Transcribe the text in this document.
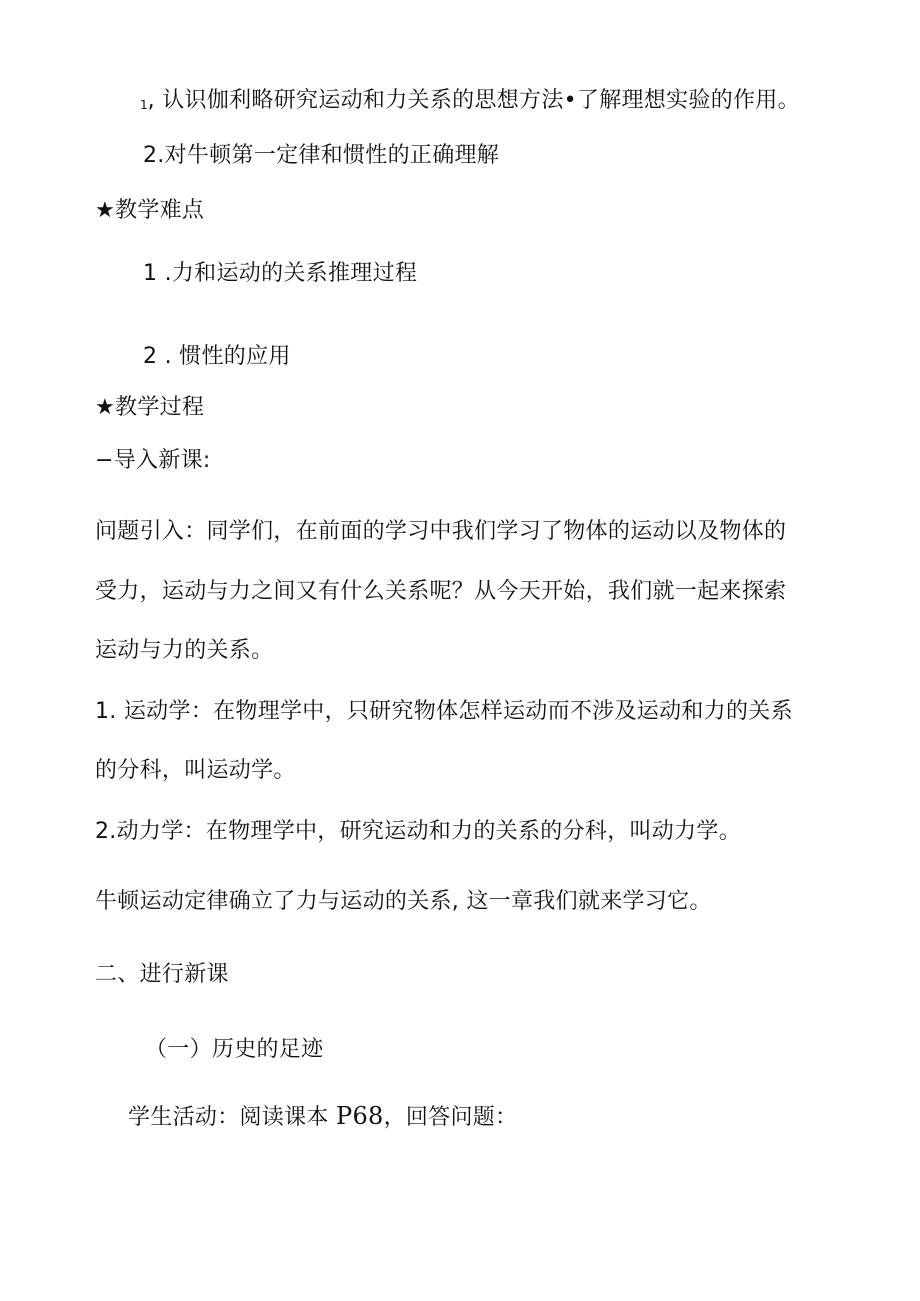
1, 认识伽利略研究运动和力关系的思想方法•了解理想实验的作用。
2.对牛顿第一定律和惯性的正确理解
★教学难点
1 .力和运动的关系推理过程
2 . 惯性的应用
★教学过程
−导入新课:
问题引入：同学们，在前面的学习中我们学习了物体的运动以及物体的
受力，运动与力之间又有什么关系呢？从今天开始，我们就一起来探索
运动与力的关系。
1. 运动学：在物理学中，只研究物体怎样运动而不涉及运动和力的关系
的分科，叫运动学。
2.动力学：在物理学中，研究运动和力的关系的分科，叫动力学。
牛顿运动定律确立了力与运动的关系, 这一章我们就来学习它。
二、进行新课
（一）历史的足迹
学生活动：阅读课本 P68，回答问题：
